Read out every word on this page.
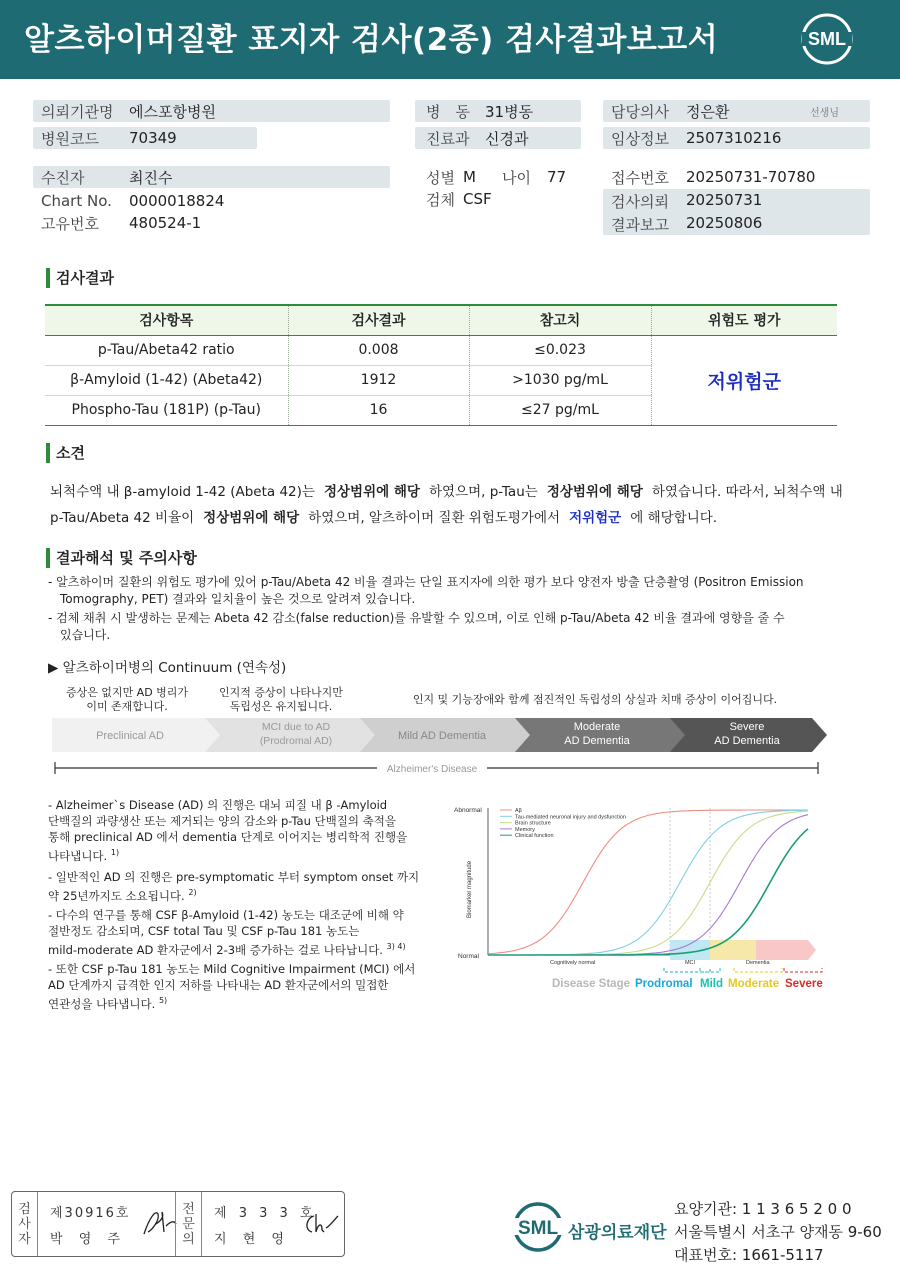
알츠하이머질환 표지자 검사(2종) 검사결과보고서	SML
의뢰기관명 에스포항병원
병원코드 70349
병　동 31병동
진료과 신경과
담당의사 정은환	선생님
임상정보 2507310216
수진자	최진수
Chart No. 0000018824
고유번호 480524-1
성별 M 나이 77
검체 CSF
접수번호 20250731-70780
검사의뢰 20250731
결과보고 20250806
검사결과
검사항목	검사결과	참고치	위험도 평가
p-Tau/Abeta42 ratio	0.008	≤0.023	저위험군
β-Amyloid (1-42) (Abeta42)	1912	>1030 pg/mL	
Phospho-Tau (181P) (p-Tau)	16	≤27 pg/mL	
소견
뇌척수액 내 β-amyloid 1-42 (Abeta 42)는 정상범위에 해당 하였으며, p-Tau는 정상범위에 해당 하였습니다. 따라서, 뇌척수액 내
p-Tau/Abeta 42 비율이 정상범위에 해당 하였으며, 알츠하이머 질환 위험도평가에서 저위험군 에 해당합니다.
결과해석 및 주의사항
- 알츠하이머 질환의 위험도 평가에 있어 p-Tau/Abeta 42 비율 결과는 단일 표지자에 의한 평가 보다 양전자 방출 단층촬영 (Positron Emission
Tomography, PET) 결과와 일치율이 높은 것으로 알려져 있습니다.
- 검체 채취 시 발생하는 문제는 Abeta 42 감소(false reduction)를 유발할 수 있으며, 이로 인해 p-Tau/Abeta 42 비율 결과에 영향을 줄 수
있습니다.
▶ 알츠하이머병의 Continuum (연속성)
증상은 없지만 AD 병리가
이미 존재합니다.
인지적 증상이 나타나지만
독립성은 유지됩니다.
인지 및 기능장애와 함께 점진적인 독립성의 상실과 치매 증상이 이어집니다.
Preclinical AD
MCI due to AD (Prodromal AD)	Mild AD Dementia
Moderate AD Dementia
Severe AD Dementia
Alzheimer's Disease
- Alzheimer`s Disease (AD) 의 진행은 대뇌 피질 내 β -Amyloid
단백질의 과량생산 또는 제거되는 양의 감소와 p-Tau 단백질의 축적을
통해 preclinical AD 에서 dementia 단계로 이어지는 병리학적 진행을
나타냅니다. $^{1)}$
- 일반적인 AD 의 진행은 pre-symptomatic 부터 symptom onset 까지
약 25년까지도 소요됩니다. $^{2)}$
- 다수의 연구를 통해 CSF β-Amyloid (1-42) 농도는 대조군에 비해 약
절반정도 감소되며, CSF total Tau 및 CSF p-Tau 181 농도는
mild-moderate AD 환자군에서 2-3배 증가하는 걸로 나타납니다. $^{3) 4)}$
- 또한 CSF p-Tau 181 농도는 Mild Cognitive Impairment (MCI) 에서
AD 단계까지 급격한 인지 저하를 나타내는 AD 환자군에서의 밀접한
연관성을 나타냅니다. $^{5)}$
Abnormal
Normal
Biomarker magnitude
Aβ
Tau-mediated neuronal injury and dysfunction
Brain structure
Memory
Clinical function
Cognitively normal	MCI	Dementia
Disease Stage Prodromal Mild Moderate Severe
검
사
자
제30916호
박 영 주
전
문
의
제 3 3 3 호
지 현 영
SML 삼광의료재단
요양기관: 1 1 3 6 5 2 0 0
서울특별시 서초구 양재동 9-60
대표번호: 1661-5117
